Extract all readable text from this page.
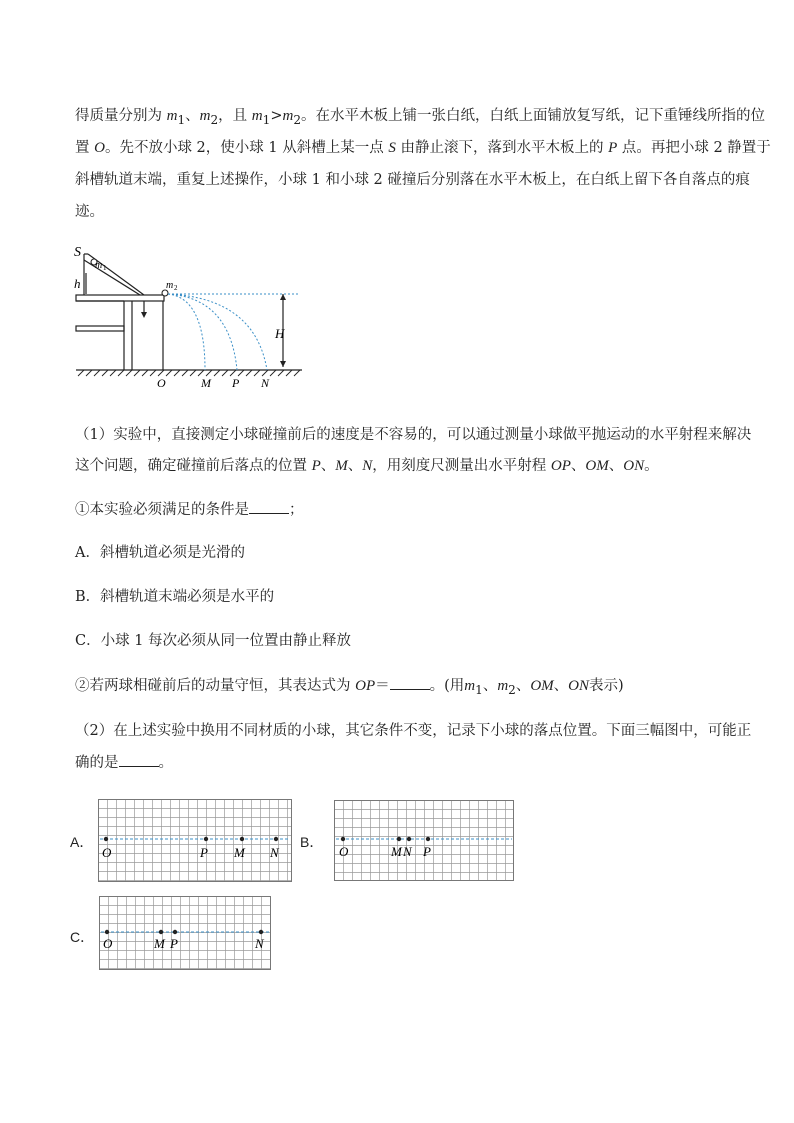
得质量分别为 $m_1$、$m_2$，且 $m_1>m_2$。在水平木板上铺一张白纸，白纸上面铺放复写纸，记下重锤线所指的位
置 O。先不放小球 2，使小球 1 从斜槽上某一点 S 由静止滚下，落到水平木板上的 P 点。再把小球 2 静置于
斜槽轨道末端，重复上述操作，小球 1 和小球 2 碰撞后分别落在水平木板上，在白纸上留下各自落点的痕
迹。
S
m 1
m 2
h
H
O	M P N
（1）实验中，直接测定小球碰撞前后的速度是不容易的，可以通过测量小球做平抛运动的水平射程来解决
这个问题，确定碰撞前后落点的位置 P、M、N，用刻度尺测量出水平射程 OP、OM、ON。
①本实验必须满足的条件是	；
A．斜槽轨道必须是光滑的
B．斜槽轨道末端必须是水平的
C．小球 1 每次必须从同一位置由静止释放
②若两球相碰前后的动量守恒，其表达式为 OP＝	。(用$m_1$、$m_2$、OM、ON表示)
（2）在上述实验中换用不同材质的小球，其它条件不变，记录下小球的落点位置。下面三幅图中，可能正
确的是	。
A．
O	P M N
B．
O	M N P
C． O	M P	N
